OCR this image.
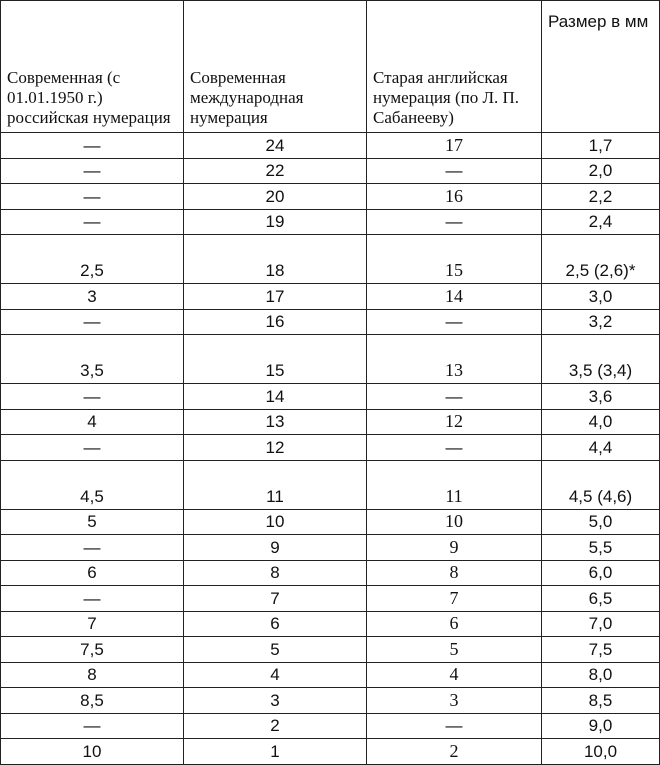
Современная (с 01.01.1950 г.) российская нумерация	Современная международная нумерация	Старая английская нумерация (по Л. П. Сабанееву)	Размер в мм
—	24	17	1,7
—	22	—	2,0
—	20	16	2,2
—	19	—	2,4
2,5	18	15	2,5 (2,6)*
3	17	14	3,0
—	16	—	3,2
3,5	15	13	3,5 (3,4)
—	14	—	3,6
4	13	12	4,0
—	12	—	4,4
4,5	11	11	4,5 (4,6)
5	10	10	5,0
—	9	9	5,5
6	8	8	6,0
—	7	7	6,5
7	6	6	7,0
7,5	5	5	7,5
8	4	4	8,0
8,5	3	3	8,5
—	2	—	9,0
10	1	2	10,0
